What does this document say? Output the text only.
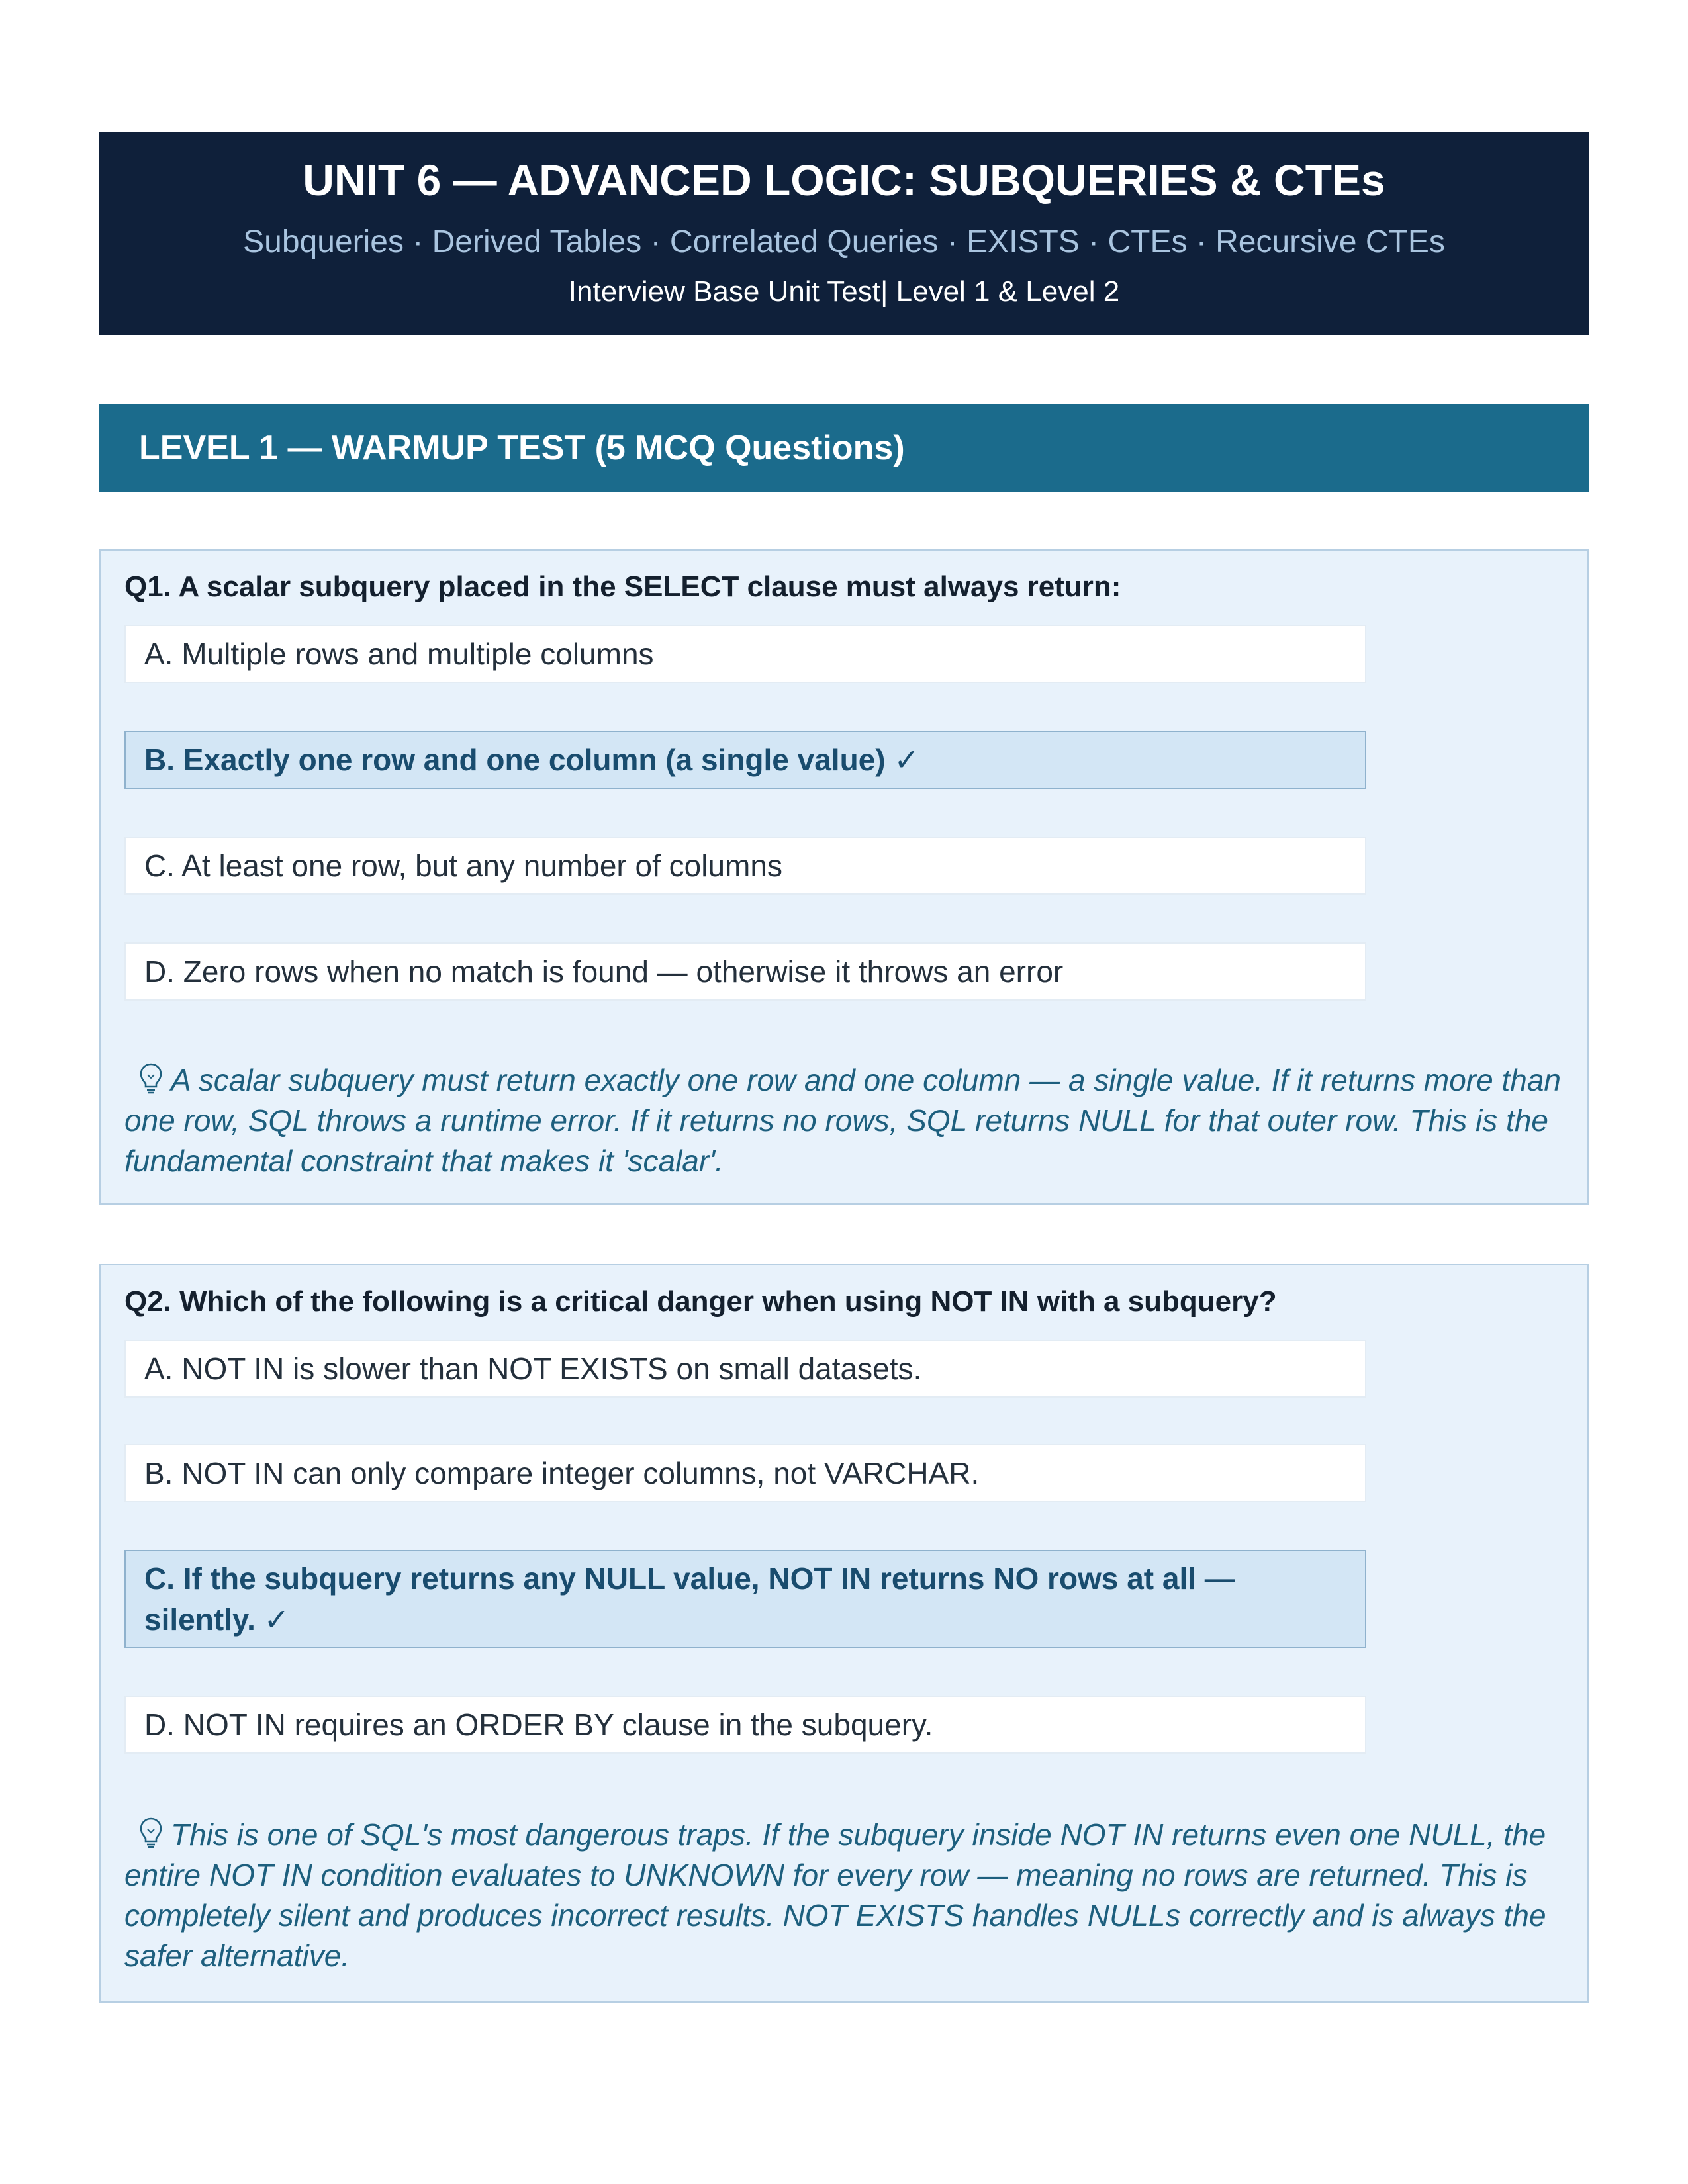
UNIT 6 — ADVANCED LOGIC: SUBQUERIES & CTEs
Subqueries · Derived Tables · Correlated Queries · EXISTS · CTEs · Recursive CTEs
Interview Base Unit Test| Level 1 & Level 2
LEVEL 1 — WARMUP TEST (5 MCQ Questions)
Q1. A scalar subquery placed in the SELECT clause must always return:
A. Multiple rows and multiple columns
B. Exactly one row and one column (a single value) ✓
C. At least one row, but any number of columns
D. Zero rows when no match is found — otherwise it throws an error
A scalar subquery must return exactly one row and one column — a single value. If it returns more than one row, SQL throws a runtime error. If it returns no rows, SQL returns NULL for that outer row. This is the fundamental constraint that makes it 'scalar'.
Q2. Which of the following is a critical danger when using NOT IN with a subquery?
A. NOT IN is slower than NOT EXISTS on small datasets.
B. NOT IN can only compare integer columns, not VARCHAR.
C. If the subquery returns any NULL value, NOT IN returns NO rows at all — silently. ✓
D. NOT IN requires an ORDER BY clause in the subquery.
This is one of SQL's most dangerous traps. If the subquery inside NOT IN returns even one NULL, the entire NOT IN condition evaluates to UNKNOWN for every row — meaning no rows are returned. This is completely silent and produces incorrect results. NOT EXISTS handles NULLs correctly and is always the safer alternative.
